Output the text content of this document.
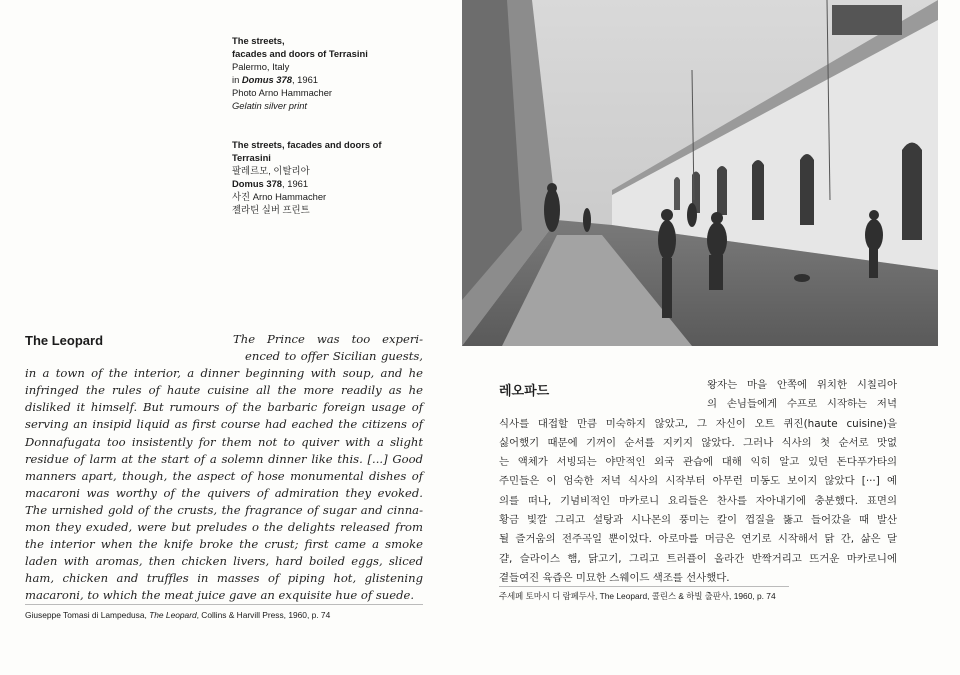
The streets,
facades and doors of Terrasini
Palermo, Italy
in Domus 378, 1961
Photo Arno Hammacher
Gelatin silver print
The streets, facades and doors of
Terrasini
팔레르모, 이탈리아
Domus 378, 1961
사진 Arno Hammacher
젤라틴 실버 프린트
The Leopard	The Prince was too experi-
enced to offer Sicilian guests,
in a town of the interior, a dinner beginning with soup, and he
infringed the rules of haute cuisine all the more readily as he
disliked it himself. But rumours of the barbaric foreign usage of
serving an insipid liquid as first course had eached the citizens of
Donnafugata too insistently for them not to quiver with a slight
residue of larm at the start of a solemn dinner like this. [...] Good
manners apart, though, the aspect of hose monumental dishes of
macaroni was worthy of the quivers of admiration they evoked.
The urnished gold of the crusts, the fragrance of sugar and cinna-
mon they exuded, were but preludes o the delights released from
the interior when the knife broke the crust; first came a smoke
laden with aromas, then chicken livers, hard boiled eggs, sliced
ham, chicken and truffles in masses of piping hot, glistening
macaroni, to which the meat juice gave an exquisite hue of suede.
Giuseppe Tomasi di Lampedusa, The Leopard, Collins & Harvill Press, 1960, p. 74
레오파드	왕자는 마을 안쪽에 위치한 시칠리아
의 손님들에게 수프로 시작하는 저녁
식사를 대접할 만큼 미숙하지 않았고, 그 자신이 오트 퀴진(haute cuisine)을
싫어했기 때문에 기꺼이 순서를 지키지 않았다. 그러나 식사의 첫 순서로 맛없
는 액체가 서빙되는 야만적인 외국 관습에 대해 익히 알고 있던 돈다푸가타의
주민들은 이 엄숙한 저녁 식사의 시작부터 아무런 미동도 보이지 않았다 [···] 예
의를 떠나, 기념비적인 마카로니 요리들은 찬사를 자아내기에 충분했다. 표면의
황금 빛깔 그리고 설탕과 시나몬의 풍미는 칼이 껍질을 뚫고 들어갔을 때 발산
될 즐거움의 전주곡일 뿐이었다. 아로마를 머금은 연기로 시작해서 닭 간, 삶은 달
걀, 슬라이스 햄, 닭고기, 그리고 트러플이 올라간 반짝거리고 뜨거운 마카로니에
곁들여진 육즙은 미묘한 스웨이드 색조를 선사했다.
주세페 토마시 디 람페두사, The Leopard, 콜린스 & 하빌 출판사, 1960, p. 74
